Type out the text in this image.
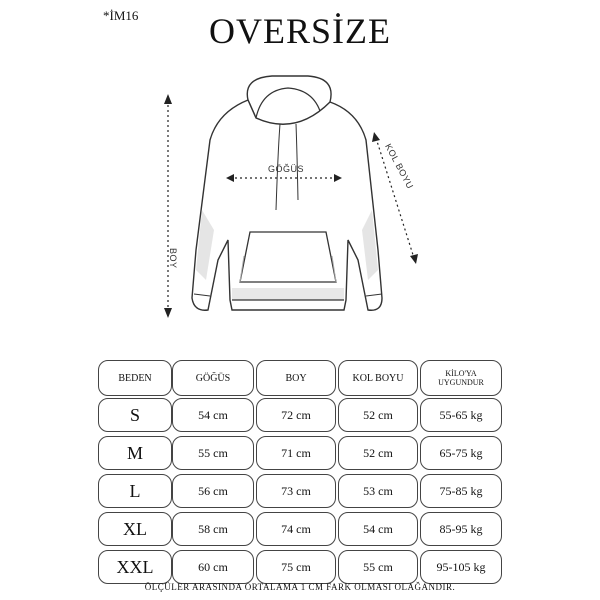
*İM16	OVERSİZE
GÖĞÜS
BOY
KOL BOYU
BEDEN	GÖĞÜS	BOY	KOL BOYU	KİLO'YA UYGUNDUR
S	54 cm	72 cm	52 cm	55-65 kg
M	55 cm	71 cm	52 cm	65-75 kg
L	56 cm	73 cm	53 cm	75-85 kg
XL	58 cm	74 cm	54 cm	85-95 kg
XXL	60 cm	75 cm	55 cm	95-105 kg
ÖLÇÜLER ARASINDA ORTALAMA 1 CM FARK OLMASI OLAĞANDIR.
